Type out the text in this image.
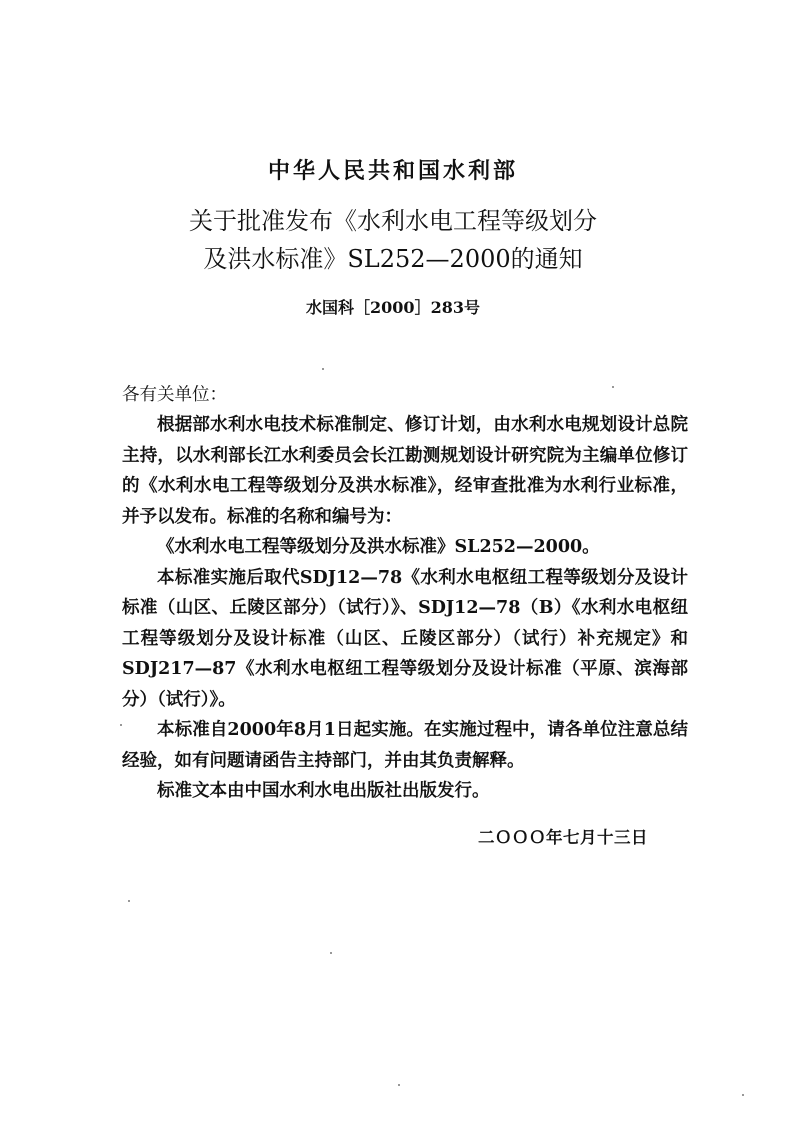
中华人民共和国水利部
关于批准发布《水利水电工程等级划分
及洪水标准》SL252—2000的通知
水国科［2000］283号
各有关单位：

根据部水利水电技术标准制定、修订计划，由水利水电规划设计总院主持，以水利部长江水利委员会长江勘测规划设计研究院为主编单位修订的《水利水电工程等级划分及洪水标准》，经审查批准为水利行业标准，并予以发布。标准的名称和编号为：

《水利水电工程等级划分及洪水标准》SL252—2000。

本标准实施后取代SDJ12—78《水利水电枢纽工程等级划分及设计标准（山区、丘陵区部分）（试行）》、SDJ12—78（B）《水利水电枢纽工程等级划分及设计标准（山区、丘陵区部分）（试行）补充规定》和SDJ217—87《水利水电枢纽工程等级划分及设计标准（平原、滨海部分）（试行）》。

本标准自2000年8月1日起实施。在实施过程中，请各单位注意总结经验，如有问题请函告主持部门，并由其负责解释。

标准文本由中国水利水电出版社出版发行。

二ＯＯＯ年七月十三日
